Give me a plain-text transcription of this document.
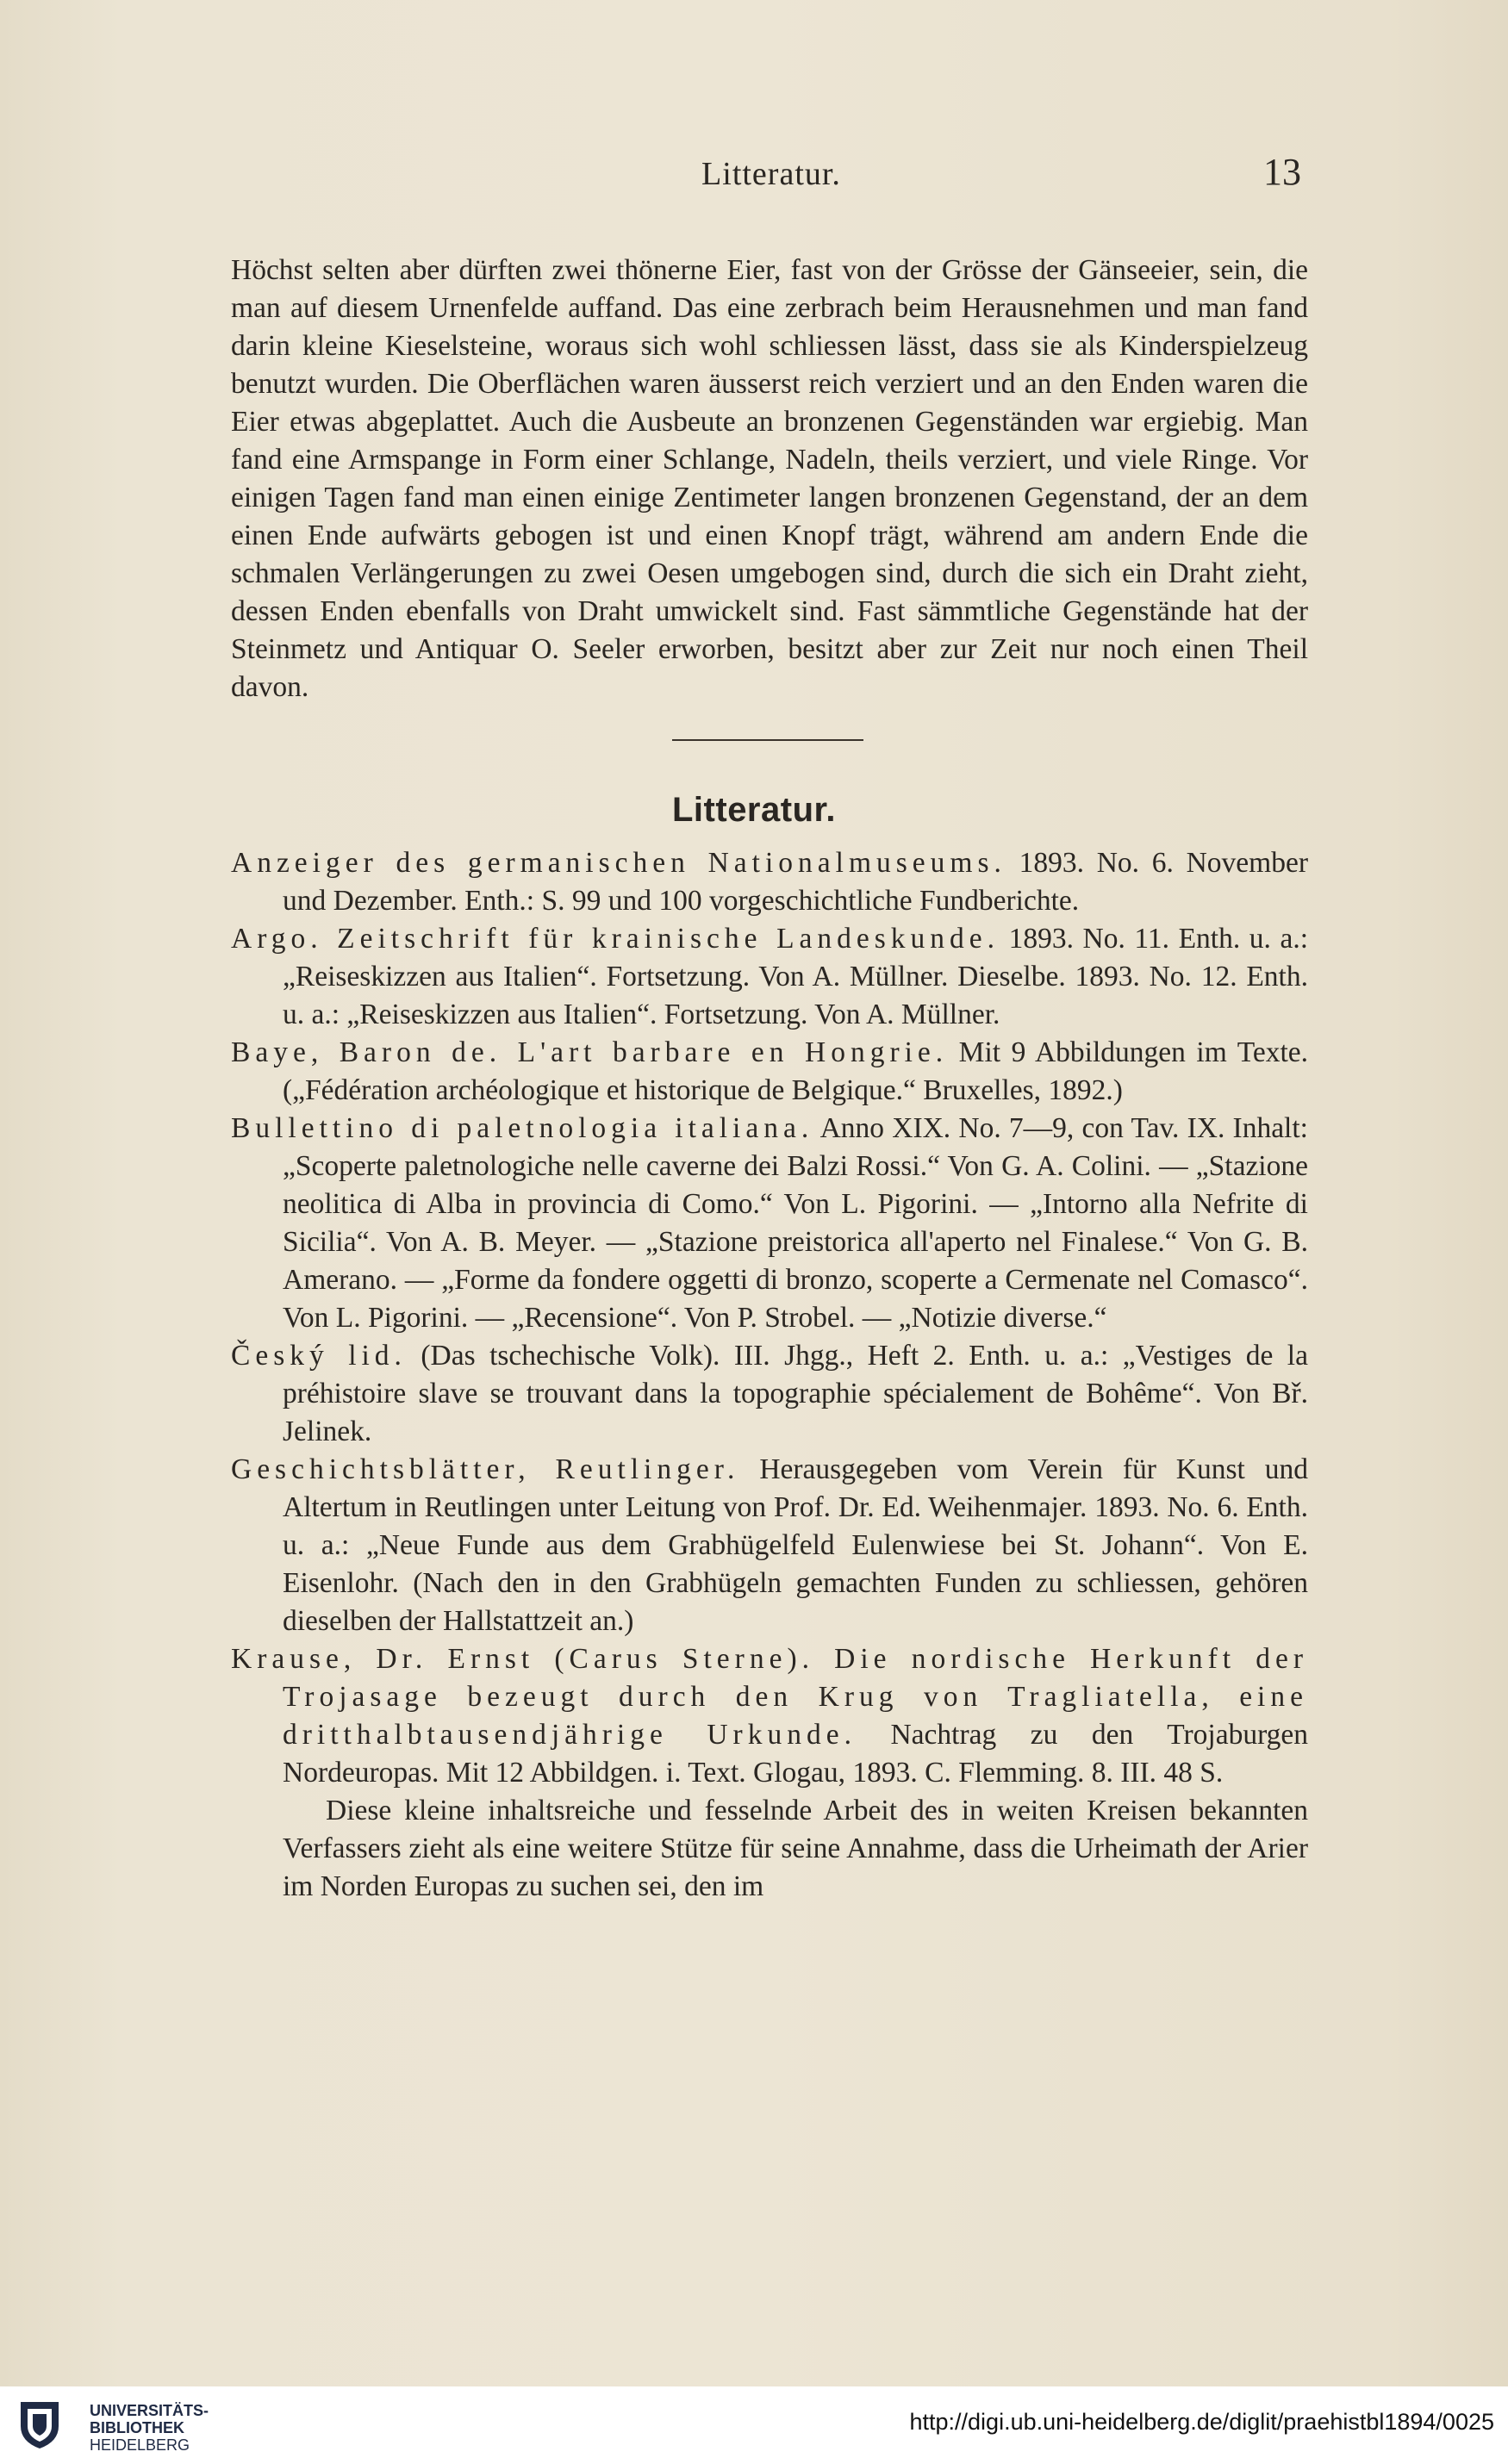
Litteratur.	13

Höchst selten aber dürften zwei thönerne Eier, fast von der Grösse der Gänseeier, sein, die man auf diesem Urnenfelde auffand. Das eine zerbrach beim Herausnehmen und man fand darin kleine Kieselsteine, woraus sich wohl schliessen lässt, dass sie als Kinderspielzeug benutzt wurden. Die Oberflächen waren äusserst reich verziert und an den Enden waren die Eier etwas abgeplattet. Auch die Ausbeute an bronzenen Gegenständen war ergiebig. Man fand eine Armspange in Form einer Schlange, Nadeln, theils verziert, und viele Ringe. Vor einigen Tagen fand man einen einige Zentimeter langen bronzenen Gegenstand, der an dem einen Ende aufwärts gebogen ist und einen Knopf trägt, während am andern Ende die schmalen Verlängerungen zu zwei Oesen umgebogen sind, durch die sich ein Draht zieht, dessen Enden ebenfalls von Draht umwickelt sind. Fast sämmtliche Gegenstände hat der Steinmetz und Antiquar O. Seeler erworben, besitzt aber zur Zeit nur noch einen Theil davon.

Litteratur.

Anzeiger des germanischen Nationalmuseums. 1893. No. 6. November und Dezember. Enth.: S. 99 und 100 vorgeschichtliche Fundberichte.

Argo. Zeitschrift für krainische Landeskunde. 1893. No. 11. Enth. u. a.: „Reiseskizzen aus Italien“. Fortsetzung. Von A. Müllner. Dieselbe. 1893. No. 12. Enth. u. a.: „Reiseskizzen aus Italien“. Fortsetzung. Von A. Müllner.

Baye, Baron de. L'art barbare en Hongrie. Mit 9 Abbildungen im Texte. („Fédération archéologique et historique de Belgique.“ Bruxelles, 1892.)

Bullettino di paletnologia italiana. Anno XIX. No. 7—9, con Tav. IX. Inhalt: „Scoperte paletnologiche nelle caverne dei Balzi Rossi.“ Von G. A. Colini. — „Stazione neolitica di Alba in provincia di Como.“ Von L. Pigorini. — „Intorno alla Nefrite di Sicilia“. Von A. B. Meyer. — „Stazione preistorica all'aperto nel Finalese.“ Von G. B. Amerano. — „Forme da fondere oggetti di bronzo, scoperte a Cermenate nel Comasco“. Von L. Pigorini. — „Recensione“. Von P. Strobel. — „Notizie diverse.“

Český lid. (Das tschechische Volk). III. Jhgg., Heft 2. Enth. u. a.: „Vestiges de la préhistoire slave se trouvant dans la topographie spécialement de Bohême“. Von Bř. Jelinek.

Geschichtsblätter, Reutlinger. Herausgegeben vom Verein für Kunst und Altertum in Reutlingen unter Leitung von Prof. Dr. Ed. Weihenmajer. 1893. No. 6. Enth. u. a.: „Neue Funde aus dem Grabhügelfeld Eulenwiese bei St. Johann“. Von E. Eisenlohr. (Nach den in den Grabhügeln gemachten Funden zu schliessen, gehören dieselben der Hallstattzeit an.)

Krause, Dr. Ernst (Carus Sterne). Die nordische Herkunft der Trojasage bezeugt durch den Krug von Tragliatella, eine dritthalbtausendjährige Urkunde. Nachtrag zu den Trojaburgen Nordeuropas. Mit 12 Abbildgen. i. Text. Glogau, 1893. C. Flemming. 8. III. 48 S.

Diese kleine inhaltsreiche und fesselnde Arbeit des in weiten Kreisen bekannten Verfassers zieht als eine weitere Stütze für seine Annahme, dass die Urheimath der Arier im Norden Europas zu suchen sei, den im

UNIVERSITÄTS-
BIBLIOTHEK
HEIDELBERG
http://digi.ub.uni-heidelberg.de/diglit/praehistbl1894/0025
